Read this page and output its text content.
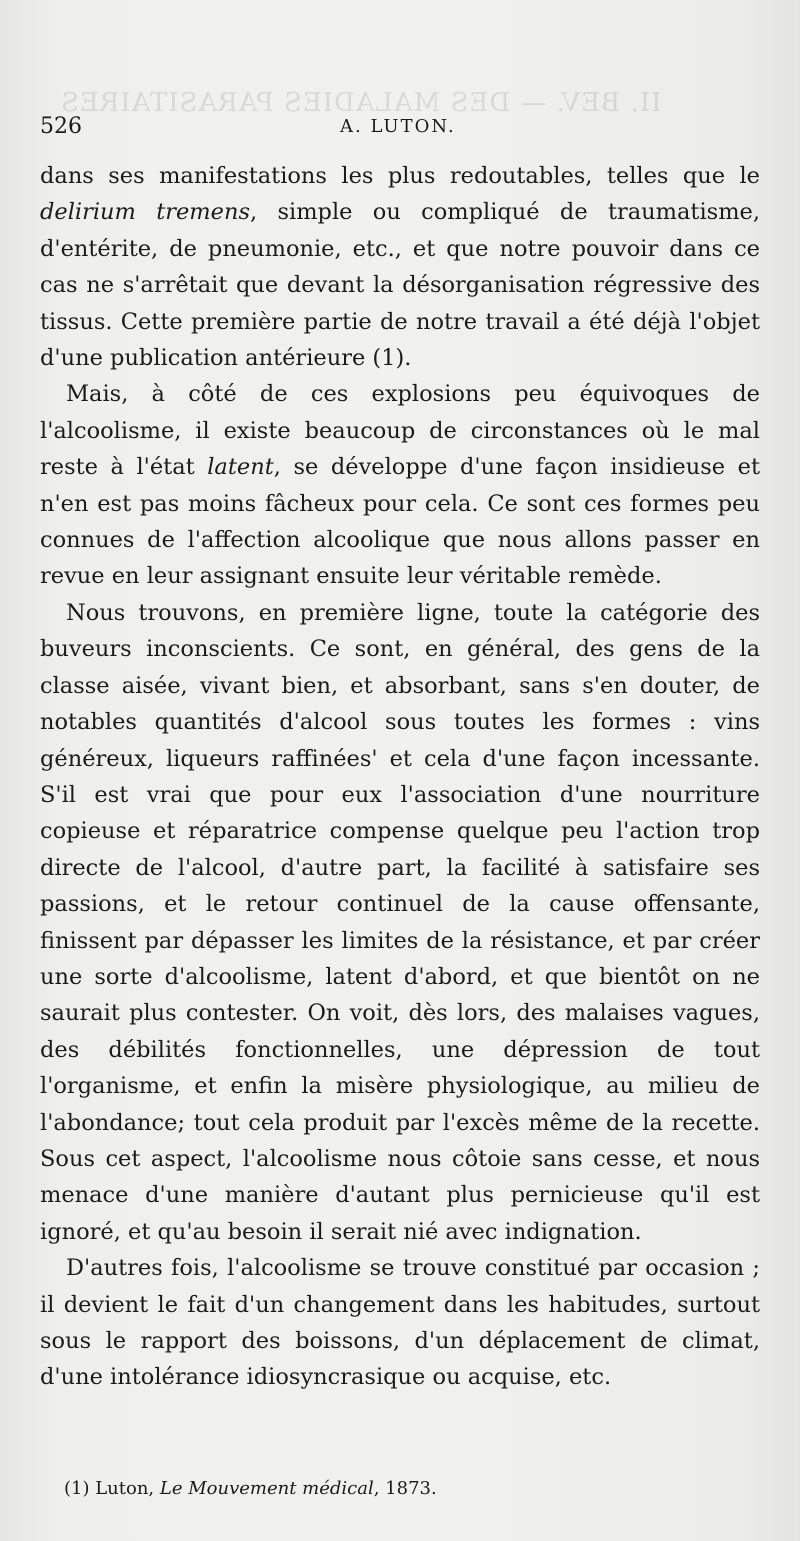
II. BEV. — DES MALADIES PARASITAIRES
526	A. LUTON.

dans ses manifestations les plus redoutables, telles que le delirium tremens, simple ou compliqué de traumatisme, d'entérite, de pneumonie, etc., et que notre pouvoir dans ce cas ne s'arrêtait que devant la désorganisation régressive des tissus. Cette première partie de notre travail a été déjà l'objet d'une publication antérieure (1).

Mais, à côté de ces explosions peu équivoques de l'alcoolisme, il existe beaucoup de circonstances où le mal reste à l'état latent, se développe d'une façon insidieuse et n'en est pas moins fâcheux pour cela. Ce sont ces formes peu connues de l'affection alcoolique que nous allons passer en revue en leur assignant ensuite leur véritable remède.

Nous trouvons, en première ligne, toute la catégorie des buveurs inconscients. Ce sont, en général, des gens de la classe aisée, vivant bien, et absorbant, sans s'en douter, de notables quantités d'alcool sous toutes les formes : vins généreux, liqueurs raffinées' et cela d'une façon incessante. S'il est vrai que pour eux l'association d'une nourriture copieuse et réparatrice compense quelque peu l'action trop directe de l'alcool, d'autre part, la facilité à satisfaire ses passions, et le retour continuel de la cause offensante, finissent par dépasser les limites de la résistance, et par créer une sorte d'alcoolisme, latent d'abord, et que bientôt on ne saurait plus contester. On voit, dès lors, des malaises vagues, des débilités fonctionnelles, une dépression de tout l'organisme, et enfin la misère physiologique, au milieu de l'abondance; tout cela produit par l'excès même de la recette. Sous cet aspect, l'alcoolisme nous côtoie sans cesse, et nous menace d'une manière d'autant plus pernicieuse qu'il est ignoré, et qu'au besoin il serait nié avec indignation.

D'autres fois, l'alcoolisme se trouve constitué par occasion ; il devient le fait d'un changement dans les habitudes, surtout sous le rapport des boissons, d'un déplacement de climat, d'une intolérance idiosyncrasique ou acquise, etc.

(1) Luton, Le Mouvement médical, 1873.
